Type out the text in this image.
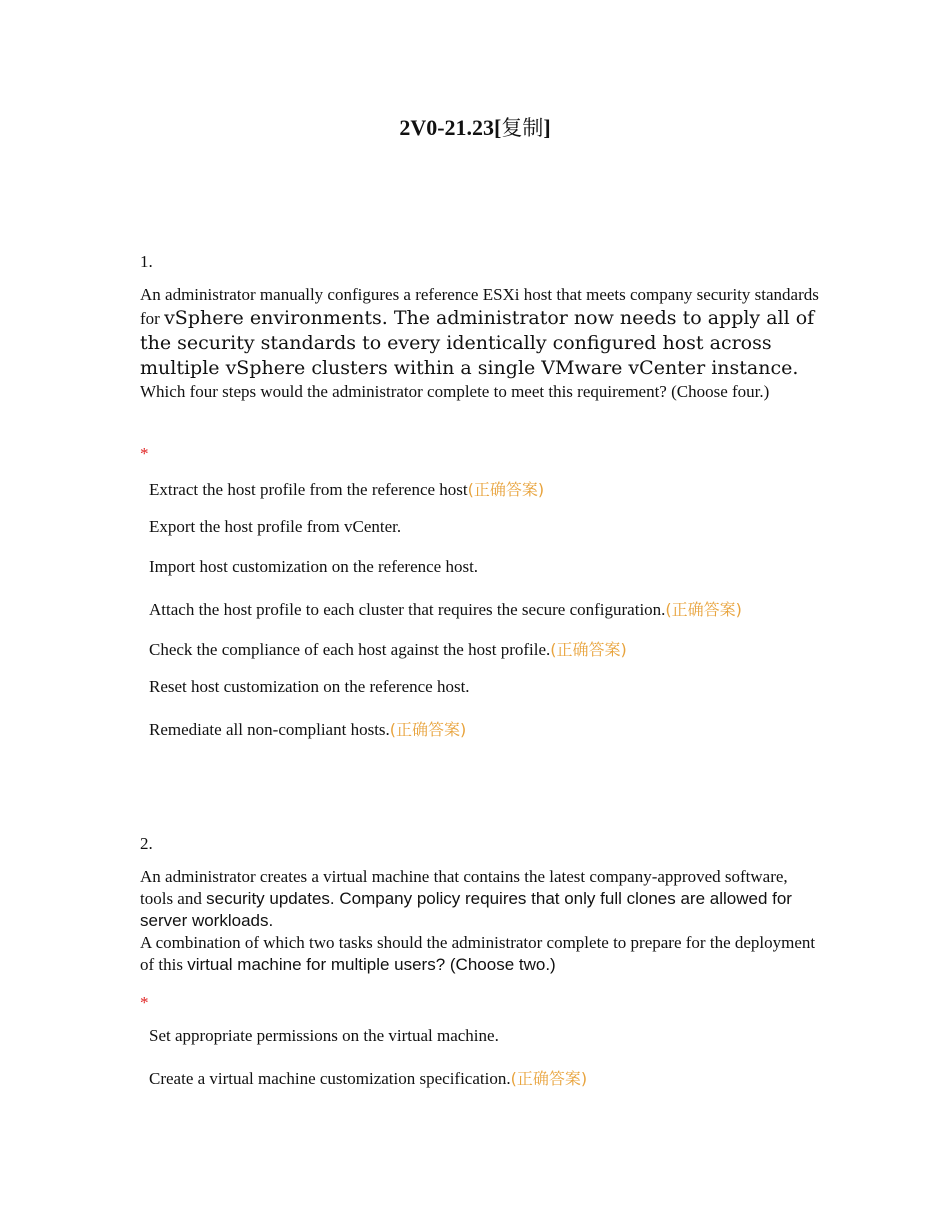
2V0-21.23[复制]
1.
An administrator manually configures a reference ESXi host that meets company security standards for vSphere environments. The administrator now needs to apply all of the security standards to every identically configured host across multiple vSphere clusters within a single VMware vCenter instance.
Which four steps would the administrator complete to meet this requirement? (Choose four.)
*
Extract the host profile from the reference host(正确答案)
Export the host profile from vCenter.
Import host customization on the reference host.
Attach the host profile to each cluster that requires the secure configuration.(正确答案)
Check the compliance of each host against the host profile.(正确答案)
Reset host customization on the reference host.
Remediate all non-compliant hosts.(正确答案)
2.
An administrator creates a virtual machine that contains the latest company-approved software, tools and security updates. Company policy requires that only full clones are allowed for server workloads.
A combination of which two tasks should the administrator complete to prepare for the deployment of this virtual machine for multiple users? (Choose two.)
*
Set appropriate permissions on the virtual machine.
Create a virtual machine customization specification.(正确答案)
